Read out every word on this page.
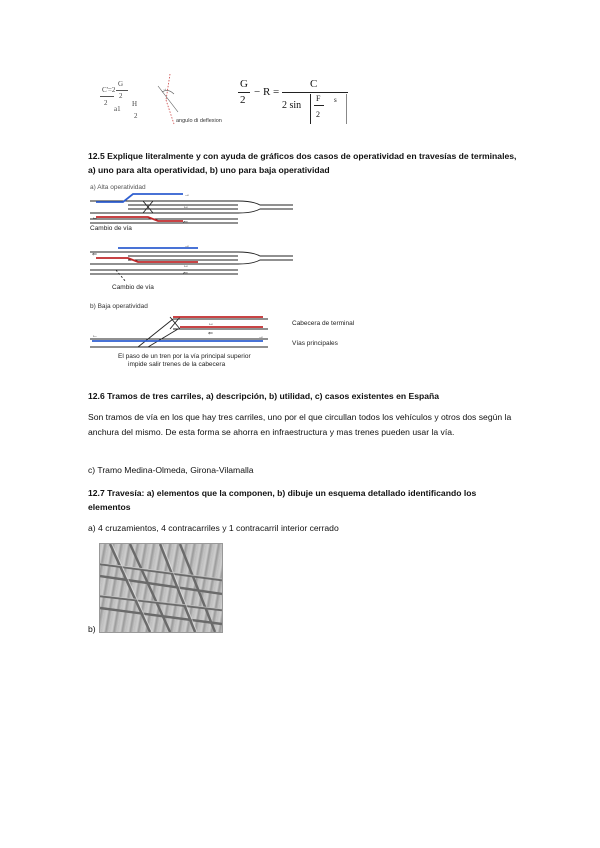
C'=2
G
2
2
a1
H
2
→
angulo di deflexion
G
2
− R =
C
2 sin
F
2
s
12.5 Explique literalmente y con ayuda de gráficos dos casos de operatividad en travesías de terminales, a) uno para alta operatividad, b) uno para baja operatividad
a) Alta operatividad
→
←
↔
⇐
Cambio de vía
→
⇐
↔
⇐
Cambio de vía
b) Baja operatividad
←
↔
⇐	→
Cabecera de terminal
Vías principales
El paso de un tren por la vía principal superior
impide salir trenes de la cabecera
12.6 Tramos de tres carriles, a) descripción, b) utilidad, c) casos existentes en España
Son tramos de vía en los que hay tres carriles, uno por el que circullan todos los vehículos y otros dos según la anchura del mismo. De esta forma se ahorra en infraestructura y mas trenes pueden usar la vía.
c) Tramo Medina-Olmeda, Girona-Vilamalla
12.7 Travesía: a) elementos que la componen, b) dibuje un esquema detallado identificando los elementos
a) 4 cruzamientos, 4 contracarriles y 1 contracarril interior cerrado
b)
